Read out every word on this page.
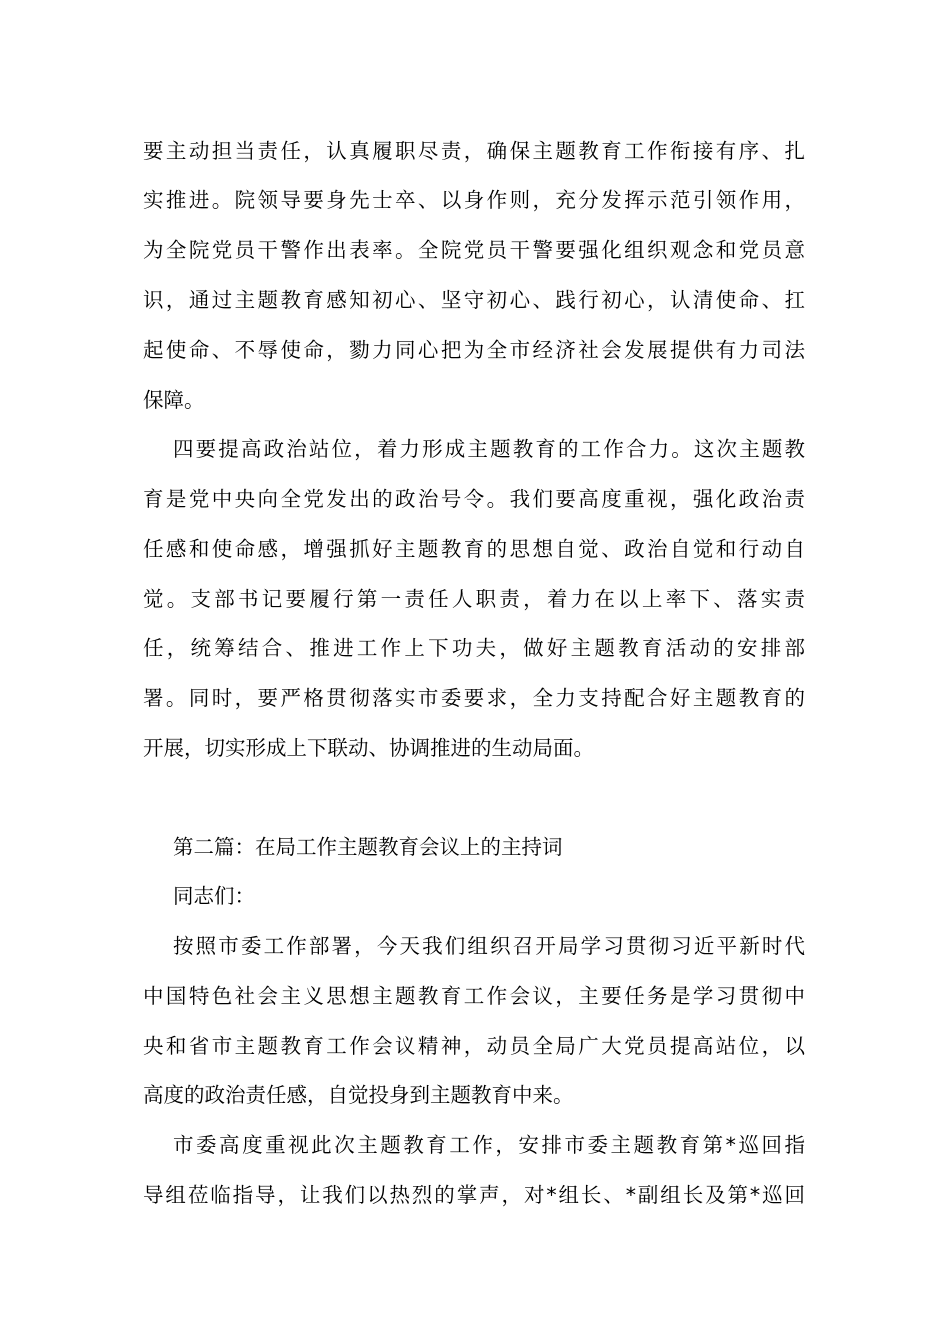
要主动担当责任，认真履职尽责，确保主题教育工作衔接有序、扎
实推进。院领导要身先士卒、以身作则，充分发挥示范引领作用，
为全院党员干警作出表率。全院党员干警要强化组织观念和党员意
识，通过主题教育感知初心、坚守初心、践行初心，认清使命、扛
起使命、不辱使命，勠力同心把为全市经济社会发展提供有力司法
保障。
四要提高政治站位，着力形成主题教育的工作合力。这次主题教
育是党中央向全党发出的政治号令。我们要高度重视，强化政治责
任感和使命感，增强抓好主题教育的思想自觉、政治自觉和行动自
觉。支部书记要履行第一责任人职责，着力在以上率下、落实责
任，统筹结合、推进工作上下功夫，做好主题教育活动的安排部
署。同时，要严格贯彻落实市委要求，全力支持配合好主题教育的
开展，切实形成上下联动、协调推进的生动局面。
第二篇：在局工作主题教育会议上的主持词
同志们：
按照市委工作部署，今天我们组织召开局学习贯彻习近平新时代
中国特色社会主义思想主题教育工作会议，主要任务是学习贯彻中
央和省市主题教育工作会议精神，动员全局广大党员提高站位，以
高度的政治责任感，自觉投身到主题教育中来。
市委高度重视此次主题教育工作，安排市委主题教育第*巡回指
导组莅临指导，让我们以热烈的掌声，对*组长、*副组长及第*巡回
